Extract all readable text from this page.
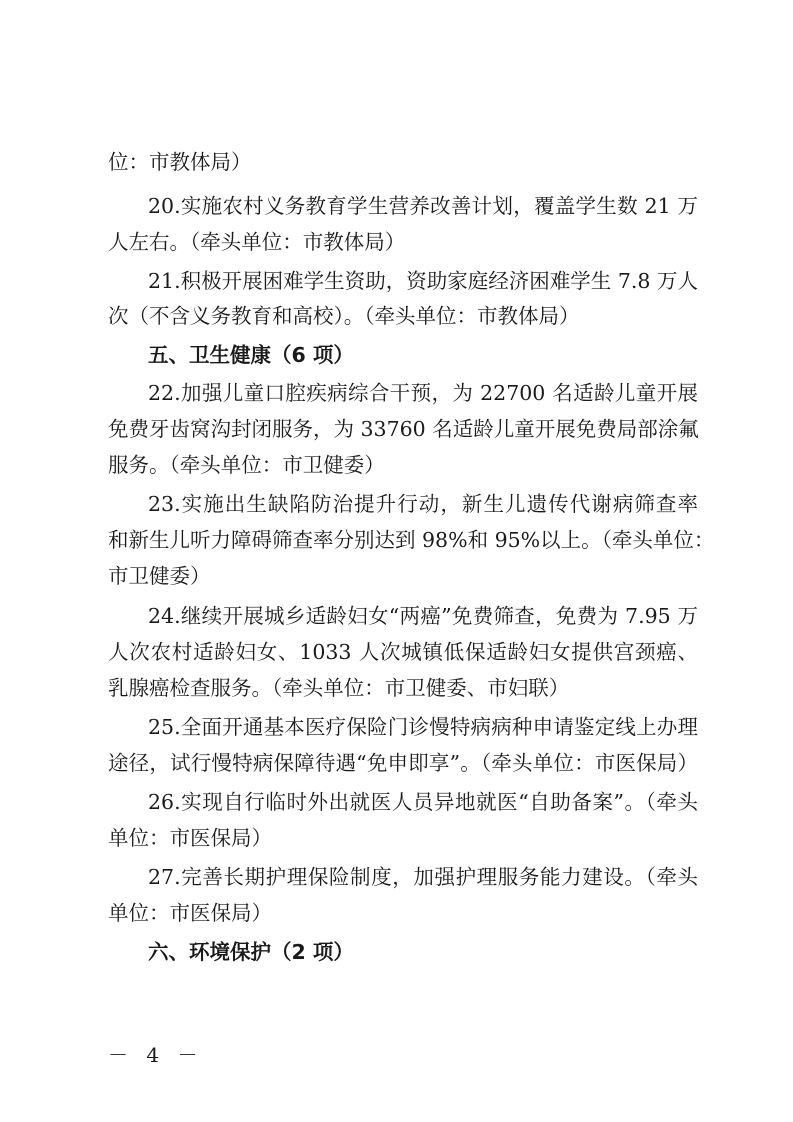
位：市教体局）
20.实施农村义务教育学生营养改善计划，覆盖学生数 21 万
人左右。（牵头单位：市教体局）
21.积极开展困难学生资助，资助家庭经济困难学生 7.8 万人
次（不含义务教育和高校）。（牵头单位：市教体局）
五、卫生健康（6 项）
22.加强儿童口腔疾病综合干预，为 22700 名适龄儿童开展
免费牙齿窝沟封闭服务，为 33760 名适龄儿童开展免费局部涂氟
服务。（牵头单位：市卫健委）
23.实施出生缺陷防治提升行动，新生儿遗传代谢病筛查率
和新生儿听力障碍筛查率分别达到 98%和 95%以上。（牵头单位：
市卫健委）
24.继续开展城乡适龄妇女“两癌”免费筛查，免费为 7.95 万
人次农村适龄妇女、1033 人次城镇低保适龄妇女提供宫颈癌、
乳腺癌检查服务。（牵头单位：市卫健委、市妇联）
25.全面开通基本医疗保险门诊慢特病病种申请鉴定线上办理
途径，试行慢特病保障待遇“免申即享”。（牵头单位：市医保局）
26.实现自行临时外出就医人员异地就医“自助备案”。（牵头
单位：市医保局）
27.完善长期护理保险制度，加强护理服务能力建设。（牵头
单位：市医保局）
六、环境保护（2 项）
－ 4 －
